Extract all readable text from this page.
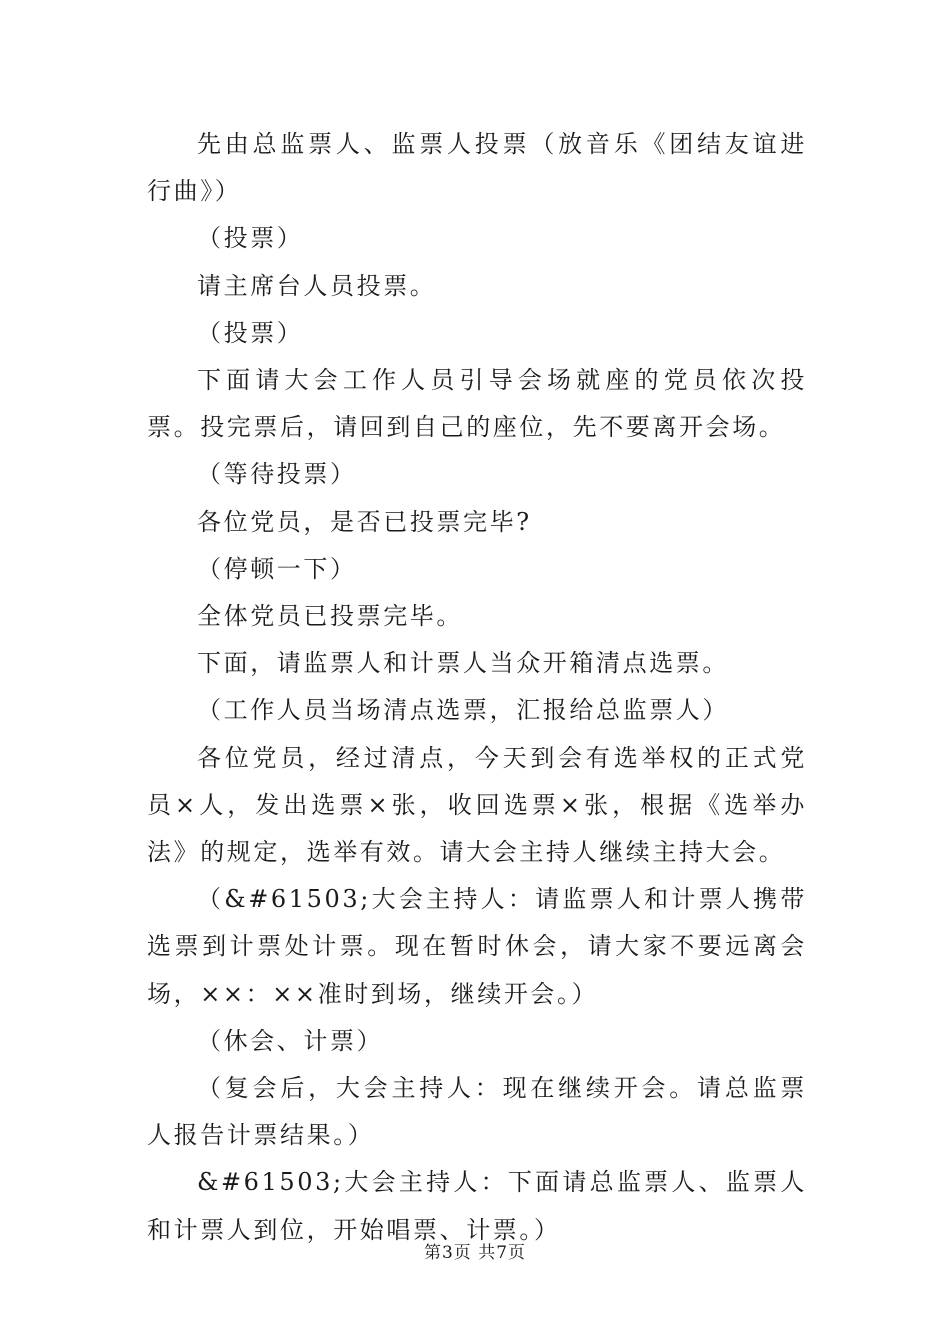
先由总监票人、监票人投票（放音乐《团结友谊进行曲》）

（投票）

请主席台人员投票。

（投票）

下面请大会工作人员引导会场就座的党员依次投票。投完票后，请回到自己的座位，先不要离开会场。

（等待投票）

各位党员，是否已投票完毕?

（停顿一下）

全体党员已投票完毕。

下面，请监票人和计票人当众开箱清点选票。

（工作人员当场清点选票，汇报给总监票人）

各位党员，经过清点，今天到会有选举权的正式党员×人，发出选票×张，收回选票×张，根据《选举办法》的规定，选举有效。请大会主持人继续主持大会。

（&#61503;大会主持人：请监票人和计票人携带选票到计票处计票。现在暂时休会，请大家不要远离会场，××：××准时到场，继续开会。）

（休会、计票）

（复会后，大会主持人：现在继续开会。请总监票人报告计票结果。）

&#61503;大会主持人：下面请总监票人、监票人和计票人到位，开始唱票、计票。）

第3页 共7页
